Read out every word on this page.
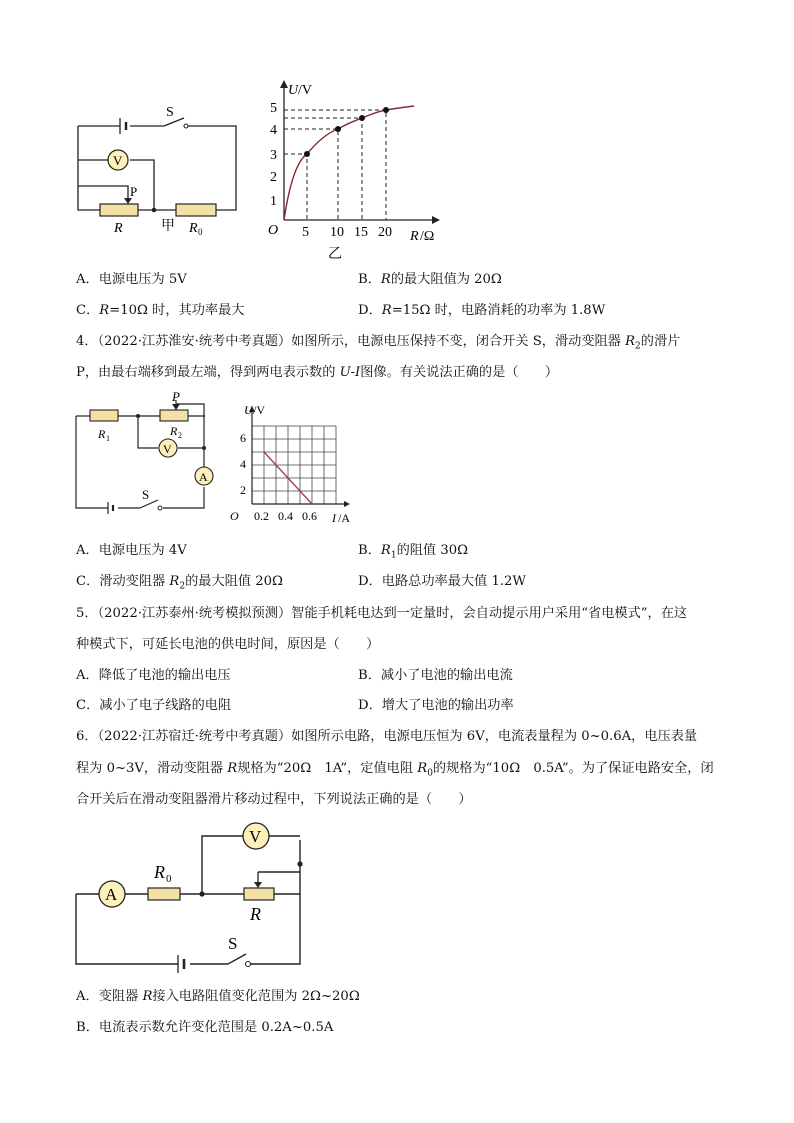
S
V
P
R	R 0
甲
U /V
R /Ω
O
1
2
3
4
5
5 10 15 20
乙
A．电源电压为 5V	B．R的最大阻值为 20Ω
C．R=10Ω 时，其功率最大	D．R=15Ω 时，电路消耗的功率为 1.8W
4．（2022·江苏淮安·统考中考真题）如图所示，电源电压保持不变，闭合开关 S，滑动变阻器 $R_2$的滑片
P，由最右端移到最左端，得到两电表示数的 U-I图像。有关说法正确的是（　　）
V
A
S
P
R 1
R 2
U /V
I /A
O
2
4
6
0.2 0.4 0.6
A．电源电压为 4V	B．$R_1$的阻值 30Ω
C．滑动变阻器 $R_2$的最大阻值 20Ω	D．电路总功率最大值 1.2W
5．（2022·江苏泰州·统考模拟预测）智能手机耗电达到一定量时，会自动提示用户采用“省电模式”，在这
种模式下，可延长电池的供电时间，原因是（　　）
A．降低了电池的输出电压	B．减小了电池的输出电流
C．减小了电子线路的电阻	D．增大了电池的输出功率
6．（2022·江苏宿迁·统考中考真题）如图所示电路，电源电压恒为 6V，电流表量程为 0~0.6A，电压表量
程为 0~3V，滑动变阻器 R规格为“20Ω　1A”，定值电阻 $R_0$的规格为“10Ω　0.5A”。为了保证电路安全，闭
合开关后在滑动变阻器滑片移动过程中，下列说法正确的是（　　）
A
V
R 0
R
S
A．变阻器 R接入电路阻值变化范围为 2Ω~20Ω
B．电流表示数允许变化范围是 0.2A~0.5A
